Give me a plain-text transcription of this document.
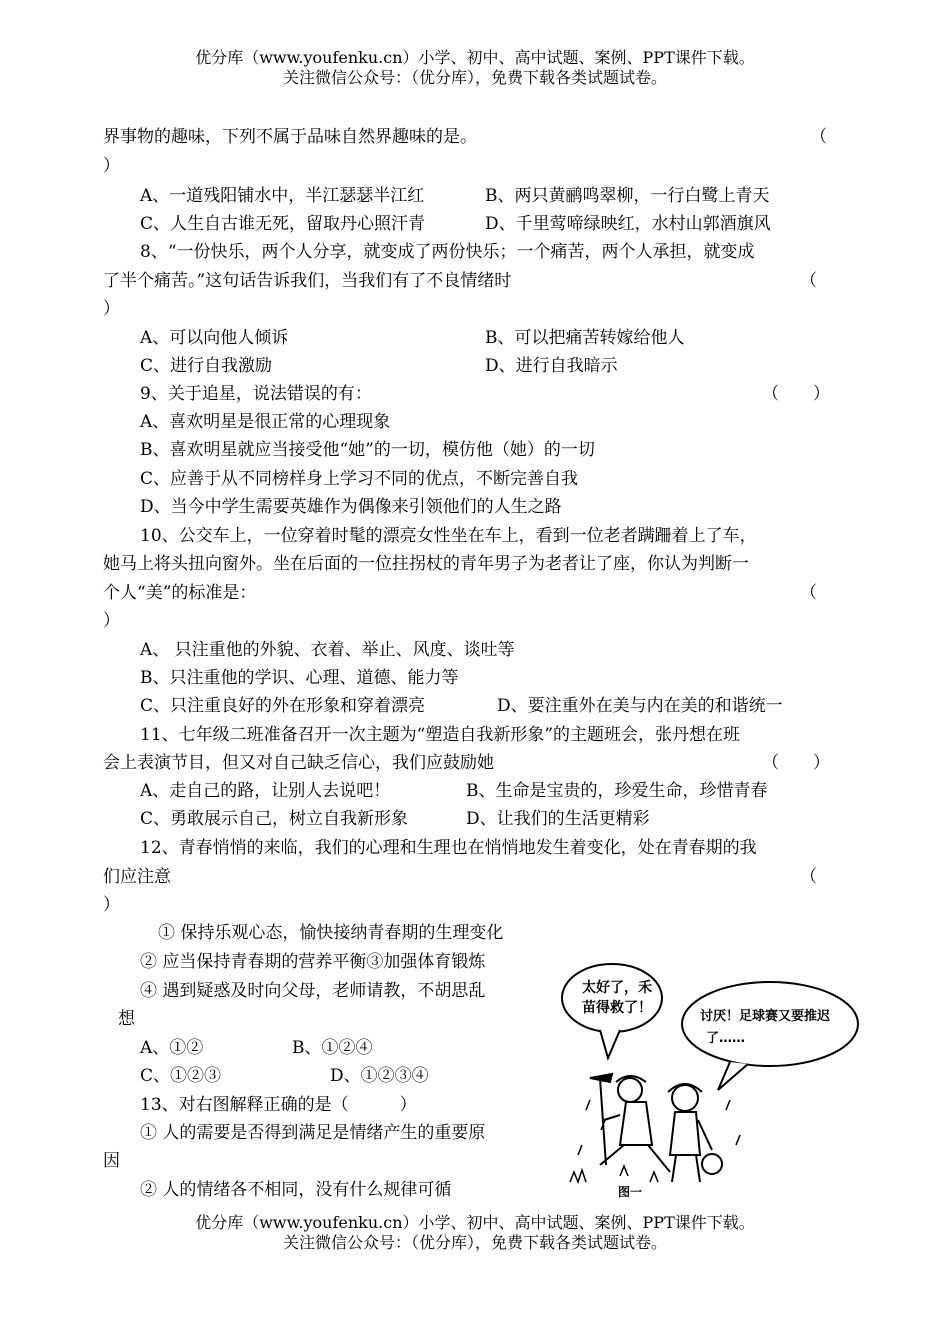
优分库（www.youfenku.cn）小学、初中、高中试题、案例、PPT课件下载。
关注微信公众号：（优分库），免费下载各类试题试卷。
界事物的趣味，下列不属于品味自然界趣味的是。	（
）
A、一道残阳铺水中，半江瑟瑟半江红	B、两只黄鹂鸣翠柳，一行白鹭上青天
C、人生自古谁无死，留取丹心照汗青	D、千里莺啼绿映红，水村山郭酒旗风
8、“一份快乐，两个人分享，就变成了两份快乐；一个痛苦，两个人承担，就变成
了半个痛苦。”这句话告诉我们，当我们有了不良情绪时	（
）
A、可以向他人倾诉	B、可以把痛苦转嫁给他人
C、进行自我激励	D、进行自我暗示
9、关于追星，说法错误的有：	（　　）
A、喜欢明星是很正常的心理现象
B、喜欢明星就应当接受他“她”的一切，模仿他（她）的一切
C、应善于从不同榜样身上学习不同的优点，不断完善自我
D、当今中学生需要英雄作为偶像来引领他们的人生之路
10、公交车上，一位穿着时髦的漂亮女性坐在车上，看到一位老者蹒跚着上了车，
她马上将头扭向窗外。坐在后面的一位拄拐杖的青年男子为老者让了座，你认为判断一
个人“美”的标准是：	（
）
A、 只注重他的外貌、衣着、举止、风度、谈吐等
B、只注重他的学识、心理、道德、能力等
C、只注重良好的外在形象和穿着漂亮	D、要注重外在美与内在美的和谐统一
11、七年级二班准备召开一次主题为“塑造自我新形象”的主题班会，张丹想在班
会上表演节目，但又对自己缺乏信心，我们应鼓励她	（　　）
A、走自己的路，让别人去说吧！	B、生命是宝贵的，珍爱生命，珍惜青春
C、勇敢展示自己，树立自我新形象	D、让我们的生活更精彩
12、青春悄悄的来临，我们的心理和生理也在悄悄地发生着变化，处在青春期的我
们应注意	（
）
① 保持乐观心态，愉快接纳青春期的生理变化
② 应当保持青春期的营养平衡③加强体育锻炼
④ 遇到疑惑及时向父母，老师请教，不胡思乱
想
A、①②	B、①②④
C、①②③	D、①②③④
13、对右图解释正确的是（　　　）
① 人的需要是否得到满足是情绪产生的重要原
因
② 人的情绪各不相同，没有什么规律可循
太好了，禾
苗得救了！
讨厌！足球赛又要推迟
了……
图一
优分库（www.youfenku.cn）小学、初中、高中试题、案例、PPT课件下载。
关注微信公众号：（优分库），免费下载各类试题试卷。
